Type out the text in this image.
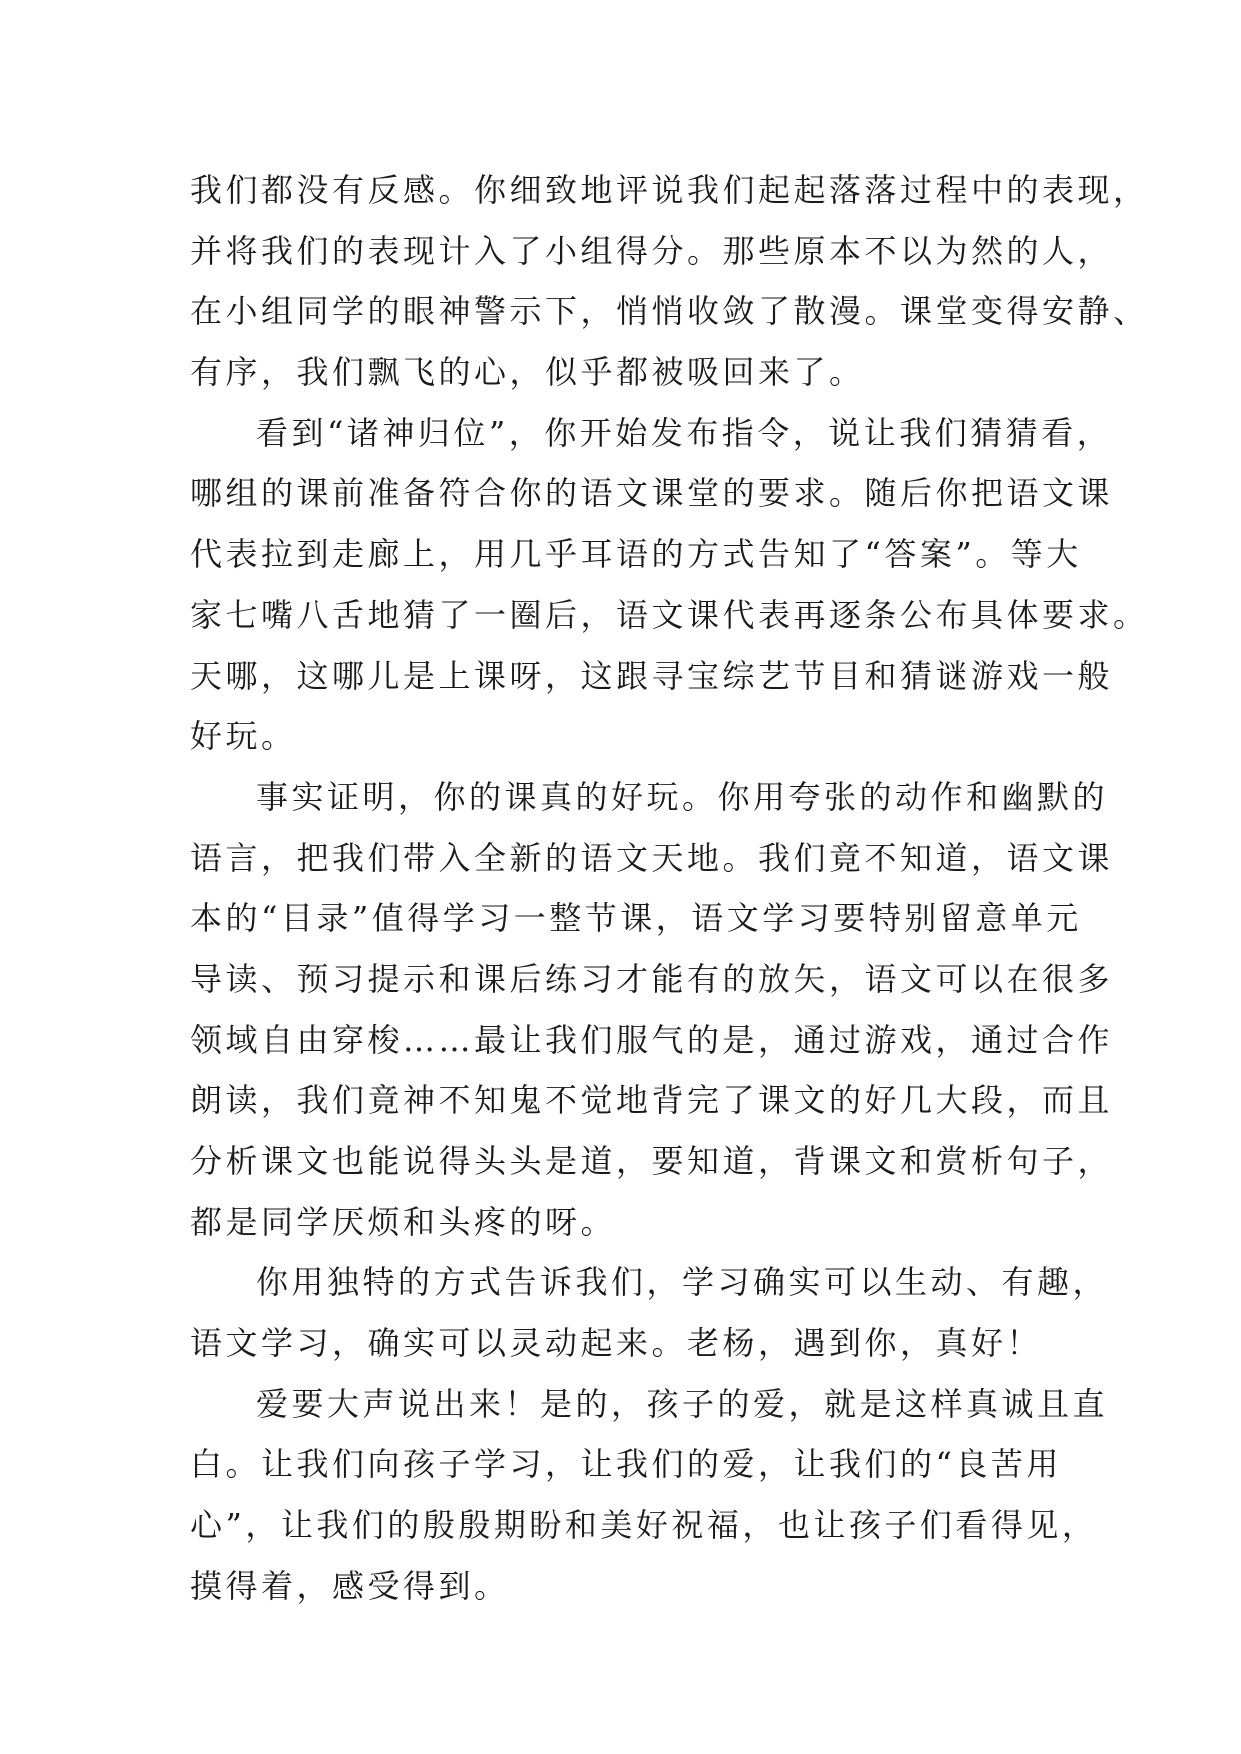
我们都没有反感。你细致地评说我们起起落落过程中的表现，
并将我们的表现计入了小组得分。那些原本不以为然的人，
在小组同学的眼神警示下，悄悄收敛了散漫。课堂变得安静、
有序，我们飘飞的心，似乎都被吸回来了。
看到“诸神归位”，你开始发布指令，说让我们猜猜看，
哪组的课前准备符合你的语文课堂的要求。随后你把语文课
代表拉到走廊上，用几乎耳语的方式告知了“答案”。等大
家七嘴八舌地猜了一圈后，语文课代表再逐条公布具体要求。
天哪，这哪儿是上课呀，这跟寻宝综艺节目和猜谜游戏一般
好玩。
事实证明，你的课真的好玩。你用夸张的动作和幽默的
语言，把我们带入全新的语文天地。我们竟不知道，语文课
本的“目录”值得学习一整节课，语文学习要特别留意单元
导读、预习提示和课后练习才能有的放矢，语文可以在很多
领域自由穿梭……最让我们服气的是，通过游戏，通过合作
朗读，我们竟神不知鬼不觉地背完了课文的好几大段，而且
分析课文也能说得头头是道，要知道，背课文和赏析句子，
都是同学厌烦和头疼的呀。
你用独特的方式告诉我们，学习确实可以生动、有趣，
语文学习，确实可以灵动起来。老杨，遇到你，真好！
爱要大声说出来！是的，孩子的爱，就是这样真诚且直
白。让我们向孩子学习，让我们的爱，让我们的“良苦用
心”，让我们的殷殷期盼和美好祝福，也让孩子们看得见，
摸得着，感受得到。
